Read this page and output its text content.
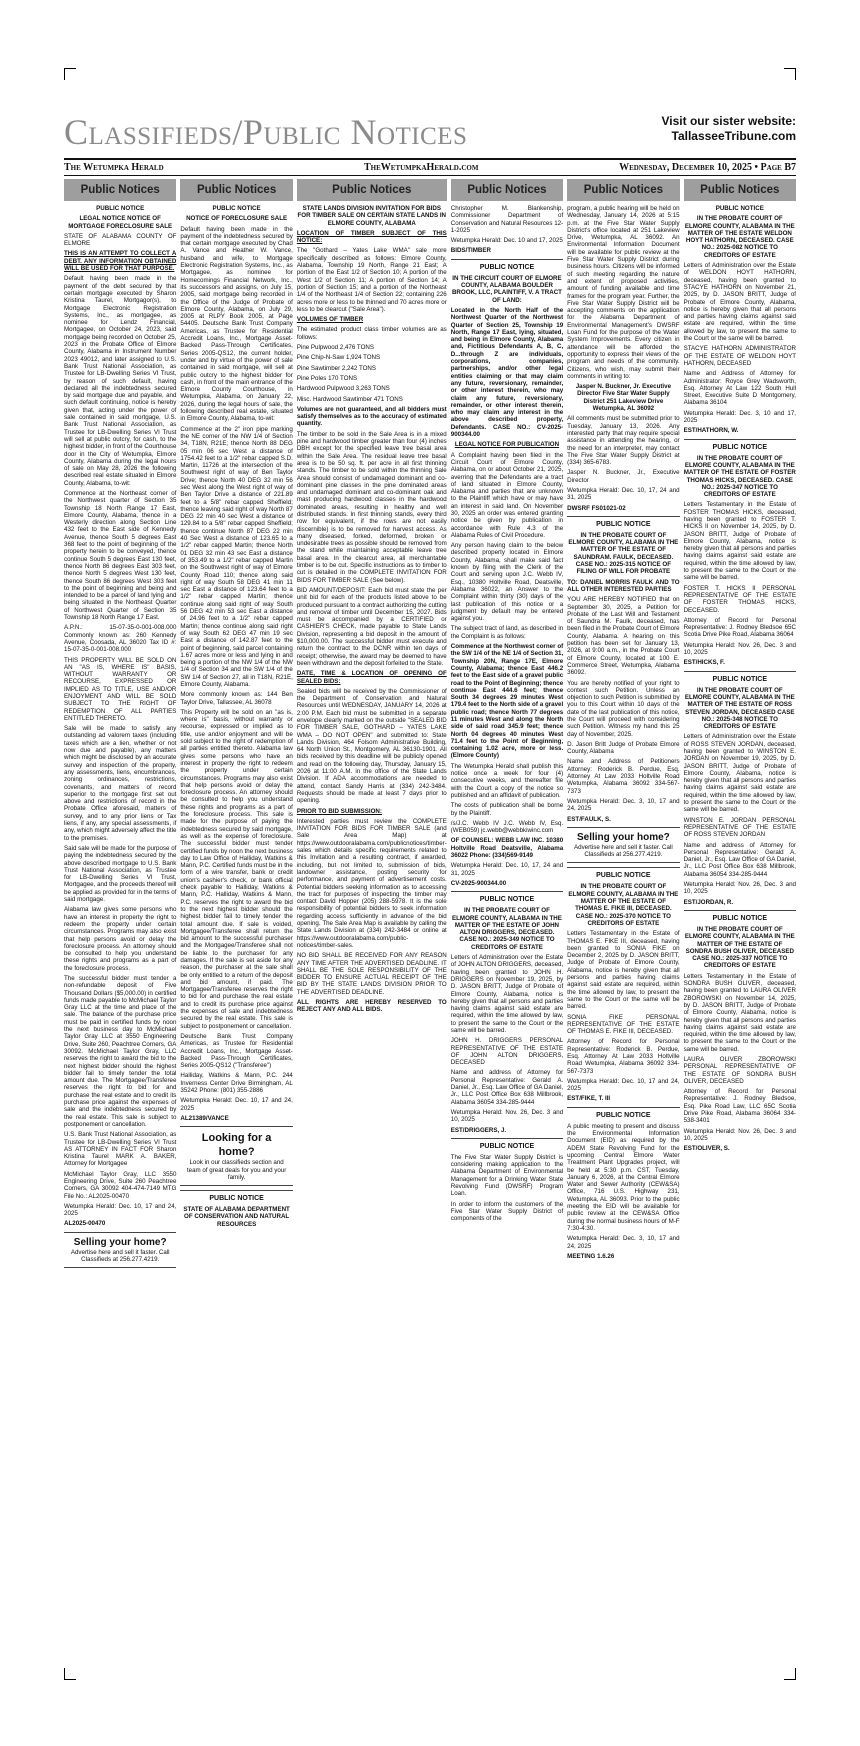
Classifieds/Public Notices	Visit our sister website:
TallasseeTribune.com
The Wetumpka Herald	TheWetumpkaHerald.com	Wednesday, December 10, 2025 • Page B7
Public Notices

PUBLIC NOTICE

LEGAL NOTICE NOTICE OF MORTGAGE FORECLOSURE SALE

STATE OF ALABAMA COUNTY OF ELMORE

THIS IS AN ATTEMPT TO COLLECT A DEBT. ANY INFORMATION OBTAINED WILL BE USED FOR THAT PURPOSE.

Default having been made in the payment of the debt secured by that certain mortgage executed by Sharon Kristina Taurel, Mortgagor(s), to Mortgage Electronic Registration Systems, Inc., as mortgagee, as nominee for Lendz Financial, Mortgagee, on October 24, 2023, said mortgage being recorded on October 25, 2023 in the Probate Office of Elmore County, Alabama in Instrument Number 2023 49012, and later assigned to U.S. Bank Trust National Association, as Trustee for LB-Dwelling Series VI Trust, by reason of such default, having declared all the indebtedness secured by said mortgage due and payable, and such default continuing, notice is hereby given that, acting under the power of sale contained in said mortgage, U.S. Bank Trust National Association, as Trustee for LB-Dwelling Series VI Trust will sell at public outcry, for cash, to the highest bidder, in front of the Courthouse door in the City of Wetumpka, Elmore County, Alabama during the legal hours of sale on May 28, 2026 the following described real estate situated in Elmore County, Alabama, to-wit:

Commence at the Northeast corner of the Northwest quarter of Section 35 Township 18 North Range 17 East, Elmore County, Alabama, thence in a Westerly direction along Section Line 432 feet to the East side of Kennedy Avenue, thence South 5 degrees East 368 feet to the point of beginning of the property herein to be conveyed, thence continue South 5 degrees East 130 feet, thence North 86 degrees East 303 feet, thence North 5 degrees West 130 feet, thence South 86 degrees West 303 feet to the point of beginning and being and intended to be a parcel of land lying and being situated in the Northeast Quarter of Northwest Quarter of Section 35 Township 18 North Range 17 East.

A.P.N.: 15-07-35-0-001-008.000 Commonly known as: 260 Kennedy Avenue, Coosada, AL 36020 Tax ID #: 15-07-35-0-001-008.000

THIS PROPERTY WILL BE SOLD ON AN "AS IS, WHERE IS" BASIS, WITHOUT WARRANTY OR RECOURSE, EXPRESSED OR IMPLIED AS TO TITLE, USE AND/OR ENJOYMENT AND WILL BE SOLD SUBJECT TO THE RIGHT OF REDEMPTION OF ALL PARTIES ENTITLED THERETO.

Sale will be made to satisfy any outstanding ad valorem taxes (including taxes which are a lien, whether or not now due and payable), any matters which might be disclosed by an accurate survey and inspection of the property, any assessments, liens, encumbrances, zoning ordinances, restrictions, covenants, and matters of record superior to the mortgage first set out above and restrictions of record in the Probate Office aforesaid, matters of survey, and to any prior liens or Tax liens, if any, any special assessments, if any, which might adversely affect the title to the premises.

Said sale will be made for the purpose of paying the indebtedness secured by the above described mortgage to U.S. Bank Trust National Association, as Trustee for LB-Dwelling Series VI Trust, Mortgagee, and the proceeds thereof will be applied as provided for in the terms of said mortgage.

Alabama law gives some persons who have an interest in property the right to redeem the property under certain circumstances. Programs may also exist that help persons avoid or delay the foreclosure process. An attorney should be consulted to help you understand these rights and programs as a part of the foreclosure process.

The successful bidder must tender a non-refundable deposit of Five Thousand Dollars ($5,000.00) in certified funds made payable to McMichael Taylor Gray LLC at the time and place of the sale. The balance of the purchase price must be paid in certified funds by noon the next business day to McMichael Taylor Gray LLC at 3550 Engineering Drive, Suite 260, Peachtree Corners, GA 30092. McMichael Taylor Gray, LLC reserves the right to award the bid to the next highest bidder should the highest bidder fail to timely tender the total amount due. The Mortgagee/Transferee reserves the right to bid for and purchase the real estate and to credit its purchase price against the expenses of sale and the indebtedness secured by the real estate. This sale is subject to postponement or cancellation.

U.S. Bank Trust National Association, as Trustee for LB-Dwelling Series VI Trust AS ATTORNEY IN FACT FOR Sharon Kristina Taurel MARK A. BAKER, Attorney for Mortgagee

McMichael Taylor Gray, LLC 3550 Engineering Drive, Suite 260 Peachtree Corners, GA 30092 404-474-7149 MTG File No.: AL2025-00470

Wetumpka Herald: Dec. 10, 17 and 24, 2025

AL2025-00470

Selling your home?
Advertise here and sell it faster. Call Classifieds at 256.277.4219.
Public Notices

PUBLIC NOTICE

NOTICE OF FORECLOSURE SALE

Default having been made in the payment of the indebtedness secured by that certain mortgage executed by Chad A. Vance and Heather W. Vance, husband and wife, to Mortgage Electronic Registration Systems, Inc., as Mortgagee, as nominee for Homecomings Financial Network, Inc., its successors and assigns, on July 15, 2005, said mortgage being recorded in the Office of the Judge of Probate of Elmore County, Alabama, on July 29, 2005 at RLPY Book 2005, at Page 54405. Deutsche Bank Trust Company Americas, as Trustee for Residential Accredit Loans, Inc., Mortgage Asset-Backed Pass-Through Certificates, Series 2005-QS12, the current holder, under and by virtue of the power of sale contained in said mortgage, will sell at public outcry to the highest bidder for cash, in front of the main entrance of the Elmore County Courthouse, in Wetumpka, Alabama, on January 22, 2026, during the legal hours of sale, the following described real estate, situated in Elmore County, Alabama, to-wit:

Commence at the 2" iron pipe marking the NE corner of the NW 1/4 of Section 34, T18N, R21E; thence North 88 DEG 05 min 06 sec West a distance of 1754.42 feet to a 1/2" rebar capped S.D. Martin, 11726 at the intersection of the Southwest right of way of Ben Taylor Drive; thence North 40 DEG 32 min 56 sec West along the West right of way of Ben Taylor Drive a distance of 221.89 feet to a 5/8" rebar capped Sheffield; thence leaving said right of way North 87 DEG 22 min 40 sec West a distance of 129.84 to a 5/8" rebar capped Sheffield; thence continue North 87 DEG 22 min 40 Sec West a distance of 123.65 to a 1/2" rebar capped Martin; thence North 01 DEG 32 min 43 sec East a distance of 353.49 to a 1/2" rebar capped Martin on the Southwest right of way of Elmore County Road 110; thence along said right of way South 58 DEG 41 min 11 sec East a distance of 123.64 feet to a 1/2" rebar capped Martin; thence continue along said right of way South 56 DEG 42 min 53 sec East a distance of 24.96 feet to a 1/2" rebar capped Martin; thence continue along said right of way South 62 DEG 47 min 19 sec East a distance of 142.87 feet to the point of beginning, said parcel containing 1.67 acres more or less and lying in and being a portion of the NW 1/4 of the NW 1/4 of Section 34 and the SW 1/4 of the SW 1/4 of Section 27, all in T18N, R21E, Elmore County, Alabama.

More commonly known as: 144 Ben Taylor Drive, Tallassee, AL 36078

This Property will be sold on an "as is, where is" basis, without warranty or recourse, expressed or implied as to title, use and/or enjoyment and will be sold subject to the right of redemption of all parties entitled thereto. Alabama law gives some persons who have an interest in property the right to redeem the property under certain circumstances. Programs may also exist that help persons avoid or delay the foreclosure process. An attorney should be consulted to help you understand these rights and programs as a part of the foreclosure process. This sale is made for the purpose of paying the indebtedness secured by said mortgage, as well as the expense of foreclosure. The successful bidder must tender certified funds by noon the next business day to Law Office of Halliday, Watkins & Mann, P.C. Certified funds must be in the form of a wire transfer, bank or credit union's cashier's check, or bank official check payable to Halliday, Watkins & Mann, P.C. Halliday, Watkins & Mann, P.C. reserves the right to award the bid to the next highest bidder should the highest bidder fail to timely tender the total amount due. If sale is voided, Mortgagee/Transferee shall return the bid amount to the successful purchaser and the Mortgagee/Transferee shall not be liable to the purchaser for any damages. If the sale is set aside for any reason, the purchaser at the sale shall be only entitled to a return of the deposit and bid amount, if paid. The Mortgagee/Transferee reserves the right to bid for and purchase the real estate and to credit its purchase price against the expenses of sale and indebtedness secured by the real estate. This sale is subject to postponement or cancellation.

Deutsche Bank Trust Company Americas, as Trustee for Residential Accredit Loans, Inc., Mortgage Asset-Backed Pass-Through Certificates, Series 2005-QS12 ("Transferee")

Halliday, Watkins & Mann, P.C. 244 Inverness Center Drive Birmingham, AL 35242 Phone: (801) 355-2886

Wetumpka Herald: Dec. 10, 17 and 24, 2025

AL21389/VANCE

Looking for a home?
Look in our classifieds section and team of great deals for you and your family.

PUBLIC NOTICE

STATE OF ALABAMA DEPARTMENT OF CONSERVATION AND NATURAL RESOURCES

Public Notices

STATE LANDS DIVISION INVITATION FOR BIDS FOR TIMBER SALE ON CERTAIN STATE LANDS IN ELMORE COUNTY, ALABAMA

LOCATION OF TIMBER SUBJECT OF THIS NOTICE:

The "Gothard – Yates Lake WMA" sale more specifically described as follows: Elmore County, Alabama, Township 19 North, Range 21 East; A portion of the East 1/2 of Section 10; A portion of the West 1/2 of Section 11; A portion of Section 14; A portion of Section 15; and a portion of the Northeast 1/4 of the Northeast 1/4 of Section 22; containing 226 acres more or less to be thinned and 70 acres more or less to be clearcut ("Sale Area").

VOLUMES OF TIMBER

The estimated product class timber volumes are as follows:

Pine Pulpwood 2,476 TONS

Pine Chip-N-Saw 1,924 TONS

Pine Sawtimber 2,242 TONS

Pine Poles 170 TONS

Hardwood Pulpwood 3,263 TONS

Misc. Hardwood Sawtimber 471 TONS

Volumes are not guaranteed, and all bidders must satisfy themselves as to the accuracy of estimated quantity.

The timber to be sold in the Sale Area is in a mixed pine and hardwood timber greater than four (4) inches DBH except for the specified leave tree basal area within the Sale Area. The residual leave tree basal area is to be 50 sq. ft. per acre in all first thinning stands. The timber to be sold within the thinning Sale Area should consist of undamaged dominant and co-dominant pine classes in the pine dominated areas and undamaged dominant and co-dominant oak and mast producing hardwood classes in the hardwood dominated areas, resulting in healthy and well distributed stands. In first thinning stands, every third row for equivalent, if the rows are not easily discernible) is to be removed for harvest access. As many diseased, forked, deformed, broken or undesirable trees as possible should be removed from the stand while maintaining acceptable leave tree basal area. In the clearcut area, all merchantable timber is to be cut. Specific instructions as to timber to cut is detailed in the COMPLETE INVITATION FOR BIDS FOR TIMBER SALE (See below).

BID AMOUNT/DEPOSIT: Each bid must state the per unit bid for each of the products listed above to be produced pursuant to a contract authorizing the cutting and removal of timber until December 15, 2027. Bids must be accompanied by a CERTIFIED or CASHIER'S CHECK, made payable to State Lands Division, representing a bid deposit in the amount of $10,000.00. The successful bidder must execute and return the contract to the DCNR within ten days of receipt; otherwise, the award may be deemed to have been withdrawn and the deposit forfeited to the State.

DATE, TIME & LOCATION OF OPENING OF SEALED BIDS:

Sealed bids will be received by the Commissioner of the Department of Conservation and Natural Resources until WEDNESDAY, JANUARY 14, 2026 at 2:00 P.M. Each bid must be submitted in a separate envelope clearly marked on the outside "SEALED BID FOR TIMBER SALE, GOTHARD – YATES LAKE WMA – DO NOT OPEN" and submitted to: State Lands Division, 464 Folsom Administrative Building, 64 North Union St., Montgomery, AL 36130-1901. All bids received by this deadline will be publicly opened and read on the following day, Thursday, January 15, 2026 at 11:00 A.M. in the office of the State Lands Division. If ADA accommodations are needed to attend, contact Sandy Harris at (334) 242-3484. Requests should be made at least 7 days prior to opening.

PRIOR TO BID SUBMISSION:

Interested parties must review the COMPLETE INVITATION FOR BIDS FOR TIMBER SALE (and Sale Area Map) at https://www.outdooralabama.com/publicnotices/timber-sales which details specific requirements related to this Invitation and a resulting contract, if awarded, including, but not limited to, submission of bids, landowner assistance, posting security for performance, and payment of advertisement costs. Potential bidders seeking information as to accessing the tract for purposes of inspecting the timber may contact David Hopper (205) 288-5978. It is the sole responsibility of potential bidders to seek information regarding access sufficiently in advance of the bid opening. The Sale Area Map is available by calling the State Lands Division at (334) 242-3484 or online at https://www.outdooralabama.com/public-notices/timber-sales.

NO BID SHALL BE RECEIVED FOR ANY REASON ANY TIME AFTER THE ADVERTISED DEADLINE. IT SHALL BE THE SOLE RESPONSIBILITY OF THE BIDDER TO ENSURE ACTUAL RECEIPT OF THE BID BY THE STATE LANDS DIVISION PRIOR TO THE ADVERTISED DEADLINE.

ALL RIGHTS ARE HEREBY RESERVED TO REJECT ANY AND ALL BIDS.

Public Notices

Christopher M. Blankenship, Commissioner Department of Conservation and Natural Resources 12-1-2025

Wetumpka Herald: Dec. 10 and 17, 2025

BIDS/TIMBER

PUBLIC NOTICE

IN THE CIRCUIT COURT OF ELMORE COUNTY, ALABAMA BOULDER BROOK, LLC, PLAINTIFF, V. A TRACT OF LAND:

Located in the North Half of the Northwest Quarter of the Northwest Quarter of Section 25, Township 19 North, Range 17 East, lying, situated, and being in Elmore County, Alabama and, Fictitious Defendants A, B, C, D...through Z are individuals, corporations, companies, partnerships, and/or other legal entities claiming or that may claim any future, reversionary, remainder, or other interest therein, who may claim any future, reversionary, remainder, or other interest therein, who may claim any interest in the above described property, Defendants. CASE NO.: CV-2025-900344.00

LEGAL NOTICE FOR PUBLICATION

A Complaint having been filed in the Circuit Court of Elmore County, Alabama, on or about October 21, 2025, averring that the Defendants are a tract of land situated in Elmore County, Alabama and parties that are unknown to the Plaintiff which have or may have an interest in said land. On November 30, 2025 an order was entered granting notice be given by publication in accordance with Rule 4.3 of the Alabama Rules of Civil Procedure.

Any person having claim to the below described property located in Elmore County, Alabama, shall make said fact known by filing with the Clerk of the Court and serving upon J.C. Webb IV, Esq., 10380 Holtville Road, Deatsville, Alabama 36022, an Answer to the Complaint within thirty (30) days of the last publication of this notice or a judgment by default may be entered against you.

The subject tract of land, as described in the Complaint is as follows:

Commence at the Northwest corner of the SW 1/4 of the NE 1/4 of Section 31, Township 20N, Range 17E, Elmore County, Alabama; thence East 446.2 feet to the East side of a gravel public road to the Point of Beginning; thence continue East 444.6 feet; thence South 34 degrees 29 minutes West 179.4 feet to the North side of a gravel public road; thence North 77 degrees 11 minutes West and along the North side of said road 345.9 feet; thence North 04 degrees 40 minutes West 71.4 feet to the Point of Beginning, containing 1.02 acre, more or less. (Elmore County)

The Wetumpka Herald shall publish this notice once a week for four (4) consecutive weeks, and thereafter file with the Court a copy of the notice so published and an affidavit of publication.

The costs of publication shall be borne by the Plaintiff.

/s/J.C. Webb IV J.C. Webb IV, Esq. (WEB059) jc.webb@webbkiwinc.com

OF COUNSEL: WEBB LAW INC. 10380 Holtville Road Deatsville, Alabama 36022 Phone: (334)569-9149

Wetumpka Herald: Dec. 10, 17, 24 and 31, 2025

CV-2025-900344.00

PUBLIC NOTICE

IN THE PROBATE COURT OF ELMORE COUNTY, ALABAMA IN THE MATTER OF THE ESTATE OF JOHN ALTON DRIGGERS, DECEASED. CASE NO.: 2025-349 NOTICE TO CREDITORS OF ESTATE

Letters of Administration over the Estate of JOHN ALTON DRIGGERS, deceased, having been granted to JOHN H. DRIGGERS on November 19, 2025, by D. JASON BRITT, Judge of Probate of Elmore County, Alabama, notice is hereby given that all persons and parties having claims against said estate are required, within the time allowed by law, to present the same to the Court or the same will be barred.

JOHN H. DRIGGERS PERSONAL REPRESENTATIVE OF THE ESTATE OF JOHN ALTON DRIGGERS, DECEASED

Name and address of Attorney for Personal Representative: Gerald A. Daniel, Jr., Esq. Law Office of GA Daniel, Jr., LLC Post Office Box 638 Millbrook, Alabama 36054 334-285-9444

Wetumpka Herald: Nov. 26, Dec. 3 and 10, 2025

EST/DRIGGERS, J.

PUBLIC NOTICE

The Five Star Water Supply District is considering making application to the Alabama Department of Environmental Management for a Drinking Water State Revolving Fund (DWSRF) Program Loan.

In order to inform the customers of the Five Star Water Supply District of components of the

Public Notices

program, a public hearing will be held on Wednesday, January 14, 2026 at 5:15 p.m. at the Five Star Water Supply District's office located at 251 Lakeview Drive, Wetumpka, AL 36092. An Environmental Information Document will be available for public review at the Five Star Water Supply District during business hours. Citizens will be informed of such meeting regarding the nature and extent of proposed activities, amount of funding available and time frames for the program year. Further, the Five Star Water Supply District will be accepting comments on the application for the Alabama Department of Environmental Management's DWSRF Loan Fund for the purpose of the Water System Improvements. Every citizen in attendance will be afforded the opportunity to express their views of the program and needs of the community. Citizens, who wish, may submit their comments in writing to:

Jasper N. Buckner, Jr. Executive Director Five Star Water Supply District 251 Lakeview Drive Wetumpka, AL 36092

All comments must be submitted prior to Tuesday, January 13, 2026. Any interested party that may require special assistance in attending the hearing, or the need for an interpreter, may contact The Five Star Water Supply District at (334) 365-6783.

Jasper N. Buckner, Jr., Executive Director

Wetumpka Herald: Dec. 10, 17, 24 and 31, 2025

DWSRF FS01021-02

PUBLIC NOTICE

IN THE PROBATE COURT OF ELMORE COUNTY, ALABAMA IN THE MATTER OF THE ESTATE OF SAUNDRAM. FAULK, DECEASED. CASE NO.: 2025-315 NOTICE OF FILING OF WILL FOR PROBATE

TO: DANIEL MORRIS FAULK AND TO ALL OTHER INTERESTED PARTIES

YOU ARE HEREBY NOTIFIED that on September 30, 2025, a Petition for Probate of the Last Will and Testament of Saundra M. Faulk, deceased, has been filed in the Probate Court of Elmore County, Alabama. A hearing on this petition has been set for January 13, 2026, at 9:00 a.m., in the Probate Court of Elmore County, located at 100 E. Commerce Street, Wetumpka, Alabama 36092.

You are hereby notified of your right to contest such Petition. Unless an objection to such Petition is submitted by you to this Court within 10 days of the date of the last publication of this notice, the Court will proceed with considering such Petition. Witness my hand this 25 day of November, 2025.

D. Jason Britt Judge of Probate Elmore County, Alabama

Name and Address of Petitioners Attorney: Roderick B. Perdue, Esq. Attorney At Law 2033 Holtville Road Wetumpka, Alabama 36092 334-567-7373

Wetumpka Herald: Dec. 3, 10, 17 and 24, 2025

EST/FAULK, S.

Selling your home?
Advertise here and sell it faster. Call Classifieds at 256.277.4219.

PUBLIC NOTICE

IN THE PROBATE COURT OF ELMORE COUNTY, ALABAMA IN THE MATTER OF THE ESTATE OF THOMAS E. FIKE III, DECEASED. CASE NO.: 2025-370 NOTICE TO CREDITORS OF ESTATE

Letters Testamentary in the Estate of THOMAS E. FIKE III, deceased, having been granted to SONIA FIKE on December 2, 2025 by D. JASON BRITT, Judge of Probate of Elmore County, Alabama, notice is hereby given that all persons and parties having claims against said estate are required, within the time allowed by law, to present the same to the Court or the same will be barred.

SONIA FIKE PERSONAL REPRESENTATIVE OF THE ESTATE OF THOMAS E. FIKE III, DECEASED.

Attorney of Record for Personal Representative: Roderick B. Perdue, Esq. Attorney At Law 2033 Holtville Road Wetumpka, Alabama 36092 334-567-7373

Wetumpka Herald: Dec. 10, 17 and 24, 2025

EST/FIKE, T. III

PUBLIC NOTICE

A public meeting to present and discuss the Environmental Information Document (EID) as required by the ADEM State Revolving Fund for the upcoming Central Elmore Water Treatment Plant Upgrades project, will be held at 5:30 p.m. CST, Tuesday, January 6, 2026, at the Central Elmore Water and Sewer Authority (CEW&SA) Office, 716 U.S. Highway 231, Wetumpka, AL 36093. Prior to the public meeting the EID will be available for public review at the CEW&SA Office during the normal business hours of M-F 7:30-4:30.

Wetumpka Herald: Dec. 3, 10, 17 and 24, 2025

MEETING 1.6.26

Public Notices

PUBLIC NOTICE

IN THE PROBATE COURT OF ELMORE COUNTY, ALABAMA IN THE MATTER OF THE ESTATE WELDON HOYT HATHORN, DECEASED. CASE NO.: 2025-082 NOTICE TO CREDITORS OF ESTATE

Letters of Administration over the Estate of WELDON HOYT HATHORN, deceased, having been granted to STACYE HATHORN on November 21, 2025, by D. JASON BRITT, Judge of Probate of Elmore County, Alabama, notice is hereby given that all persons and parties having claims against said estate are required, within the time allowed by law, to present the same to the Court or the same will be barred.

STACYE HATHORN ADMINISTRATOR OF THE ESTATE OF WELDON HOYT HATHORN, DECEASED

Name and Address of Attorney for Administrator: Royce Grey Wadsworth, Esq. Attorney At Law 122 South Hull Street, Executive Suite D Montgomery, Alabama 36104

Wetumpka Herald: Dec. 3, 10 and 17, 2025

EST/HATHORN, W.

PUBLIC NOTICE

IN THE PROBATE COURT OF ELMORE COUNTY, ALABAMA IN THE MATTER OF THE ESTATE OF FOSTER THOMAS HICKS, DECEASED. CASE NO.: 2025-347 NOTICE TO CREDITORS OF ESTATE

Letters Testamentary in the Estate of FOSTER THOMAS HICKS, deceased, having been granted to FOSTER T. HICKS II on November 14, 2025, by D. JASON BRITT, Judge of Probate of Elmore County, Alabama, notice is hereby given that all persons and parties having claims against said estate are required, within the time allowed by law, to present the same to the Court or the same will be barred.

FOSTER T. HICKS II PERSONAL REPRESENTATIVE OF THE ESTATE OF FOSTER THOMAS HICKS, DECEASED.

Attorney of Record for Personal Representative: J. Rodney Bledsoe 65C Scotia Drive Pike Road, Alabama 36064

Wetumpka Herald: Nov. 26, Dec. 3 and 10, 2025

EST/HICKS, F.

PUBLIC NOTICE

IN THE PROBATE COURT OF ELMORE COUNTY, ALABAMA IN THE MATTER OF THE ESTATE OF ROSS STEVEN JORDAN, DECEASED CASE NO.: 2025-348 NOTICE TO CREDITORS OF ESTATE

Letters of Administration over the Estate of ROSS STEVEN JORDAN, deceased, having been granted to WINSTON E. JORDAN on November 19, 2025, by D. JASON BRITT, Judge of Probate of Elmore County, Alabama, notice is hereby given that all persons and parties having claims against said estate are required, within the time allowed by law, to present the same to the Court or the same will be barred.

WINSTON E. JORDAN PERSONAL REPRESENTATIVE OF THE ESTATE OF ROSS STEVEN JORDAN

Name and address of Attorney for Personal Representative: Gerald A. Daniel, Jr., Esq. Law Office of GA Daniel, Jr., LLC Post Office Box 638 Millbrook, Alabama 36054 334-285-9444

Wetumpka Herald: Nov. 26, Dec. 3 and 10, 2025

EST/JORDAN, R.

PUBLIC NOTICE

IN THE PROBATE COURT OF ELMORE COUNTY, ALABAMA IN THE MATTER OF THE ESTATE OF SONDRA BUSH OLIVER, DECEASED CASE NO.: 2025-337 NOTICE TO CREDITORS OF ESTATE

Letters Testamentary in the Estate of SONDRA BUSH OLIVER, deceased, having been granted to LAURA OLIVER ZBOROWSKI on November 14, 2025, by D. JASON BRITT, Judge of Probate of Elmore County, Alabama, notice is hereby given that all persons and parties having claims against said estate are required, within the time allowed by law, to present the same to the Court or the same will be barred.

LAURA OLIVER ZBOROWSKI PERSONAL REPRESENTATIVE OF THE ESTATE OF SONDRA BUSH OLIVER, DECEASED

Attorney of Record for Personal Representative: J. Rodney Bledsoe, Esq. Pike Road Law, LLC 65C Scotia Drive Pike Road, Alabama 36064 334-538-3401

Wetumpka Herald: Nov. 26, Dec. 3 and 10, 2025

EST/OLIVER, S.
